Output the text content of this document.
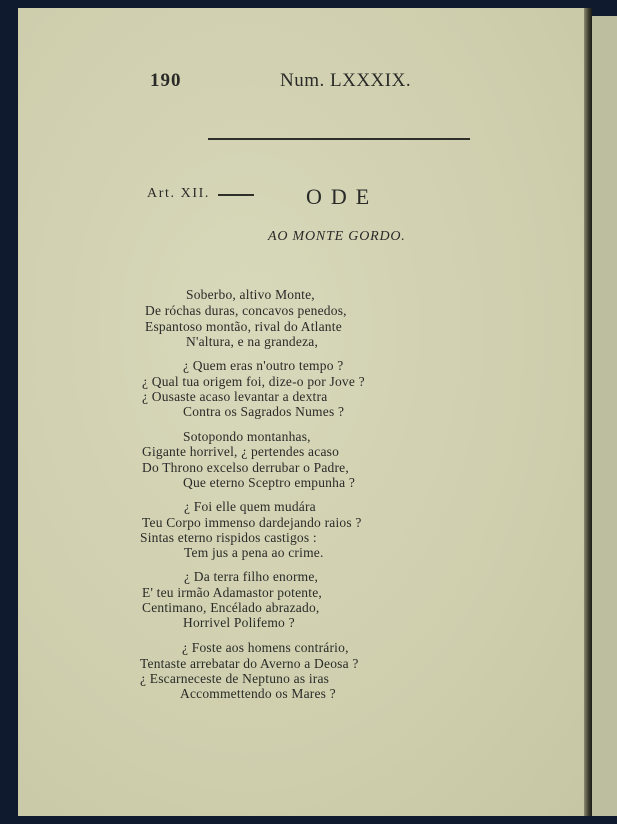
190	Num. LXXXIX.
Art. XII.	ODE
AO MONTE GORDO.
Soberbo, altivo Monte,
De róchas duras, concavos penedos,
Espantoso montão, rival do Atlante
N'altura, e na grandeza,
¿ Quem eras n'outro tempo ?
¿ Qual tua origem foi, dize-o por Jove ?
¿ Ousaste acaso levantar a dextra
Contra os Sagrados Numes ?
Sotopondo montanhas,
Gigante horrivel, ¿ pertendes acaso
Do Throno excelso derrubar o Padre,
Que eterno Sceptro empunha ?
¿ Foi elle quem mudára
Teu Corpo immenso dardejando raios ?
Sintas eterno rispidos castigos :
Tem jus a pena ao crime.
¿ Da terra filho enorme,
E' teu irmão Adamastor potente,
Centimano, Encélado abrazado,
Horrivel Polifemo ?
¿ Foste aos homens contrário,
Tentaste arrebatar do Averno a Deosa ?
¿ Escarneceste de Neptuno as iras
Accommettendo os Mares ?
